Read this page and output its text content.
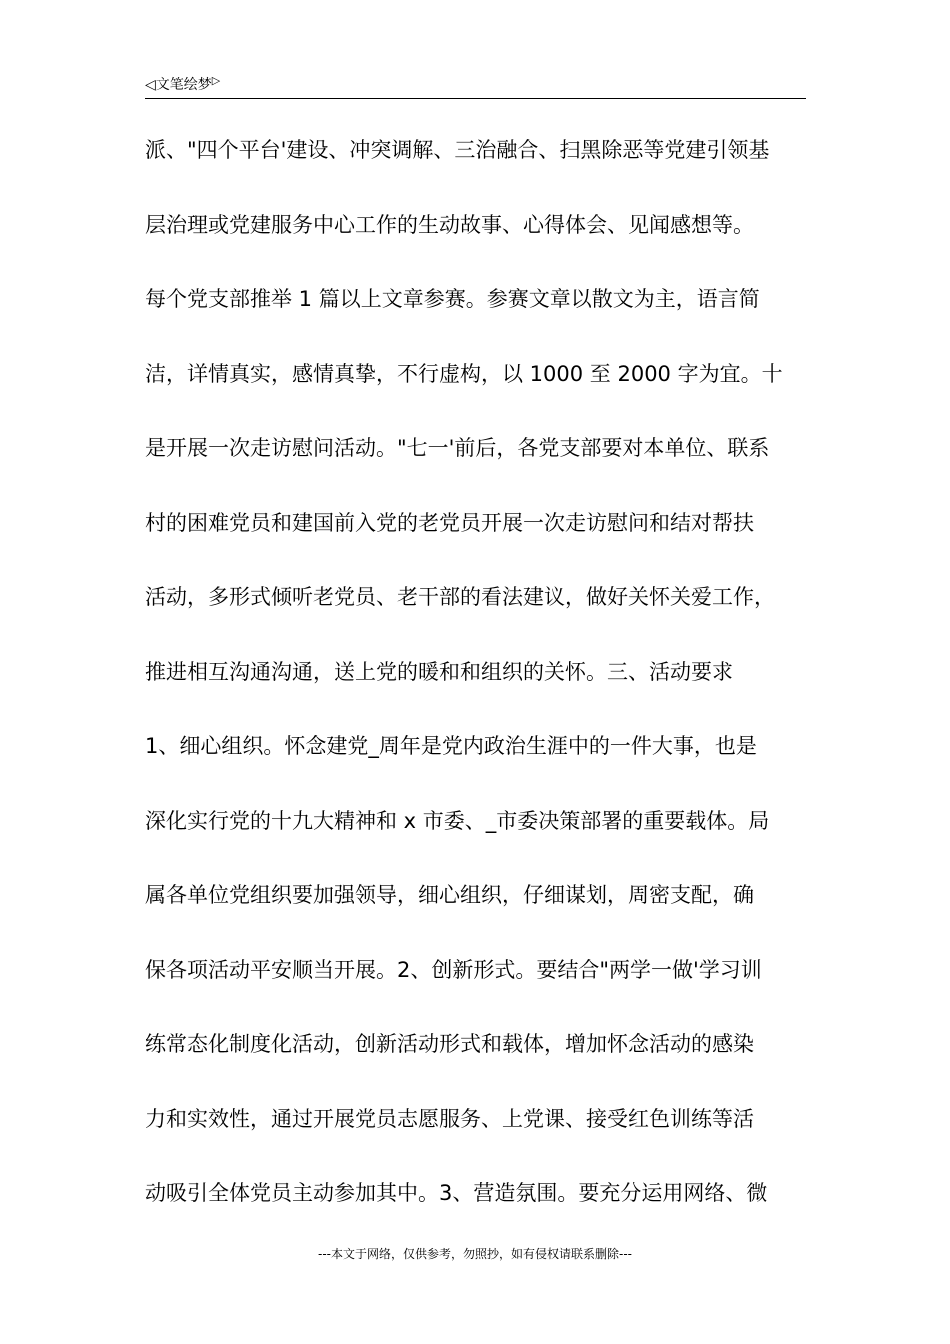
◁文笔绘梦▷
派、"四个平台'建设、冲突调解、三治融合、扫黑除恶等党建引领基
层治理或党建服务中心工作的生动故事、心得体会、见闻感想等。
每个党支部推举 1 篇以上文章参赛。参赛文章以散文为主，语言简
洁，详情真实，感情真挚，不行虚构，以 1000 至 2000 字为宜。十
是开展一次走访慰问活动。"七一'前后，各党支部要对本单位、联系
村的困难党员和建国前入党的老党员开展一次走访慰问和结对帮扶
活动，多形式倾听老党员、老干部的看法建议，做好关怀关爱工作，
推进相互沟通沟通，送上党的暖和和组织的关怀。三、活动要求
1、细心组织。怀念建党_周年是党内政治生涯中的一件大事，也是
深化实行党的十九大精神和 x 市委、_市委决策部署的重要载体。局
属各单位党组织要加强领导，细心组织，仔细谋划，周密支配，确
保各项活动平安顺当开展。2、创新形式。要结合"两学一做'学习训
练常态化制度化活动，创新活动形式和载体，增加怀念活动的感染
力和实效性，通过开展党员志愿服务、上党课、接受红色训练等活
动吸引全体党员主动参加其中。3、营造氛围。要充分运用网络、微
---本文于网络，仅供参考，勿照抄，如有侵权请联系删除---
